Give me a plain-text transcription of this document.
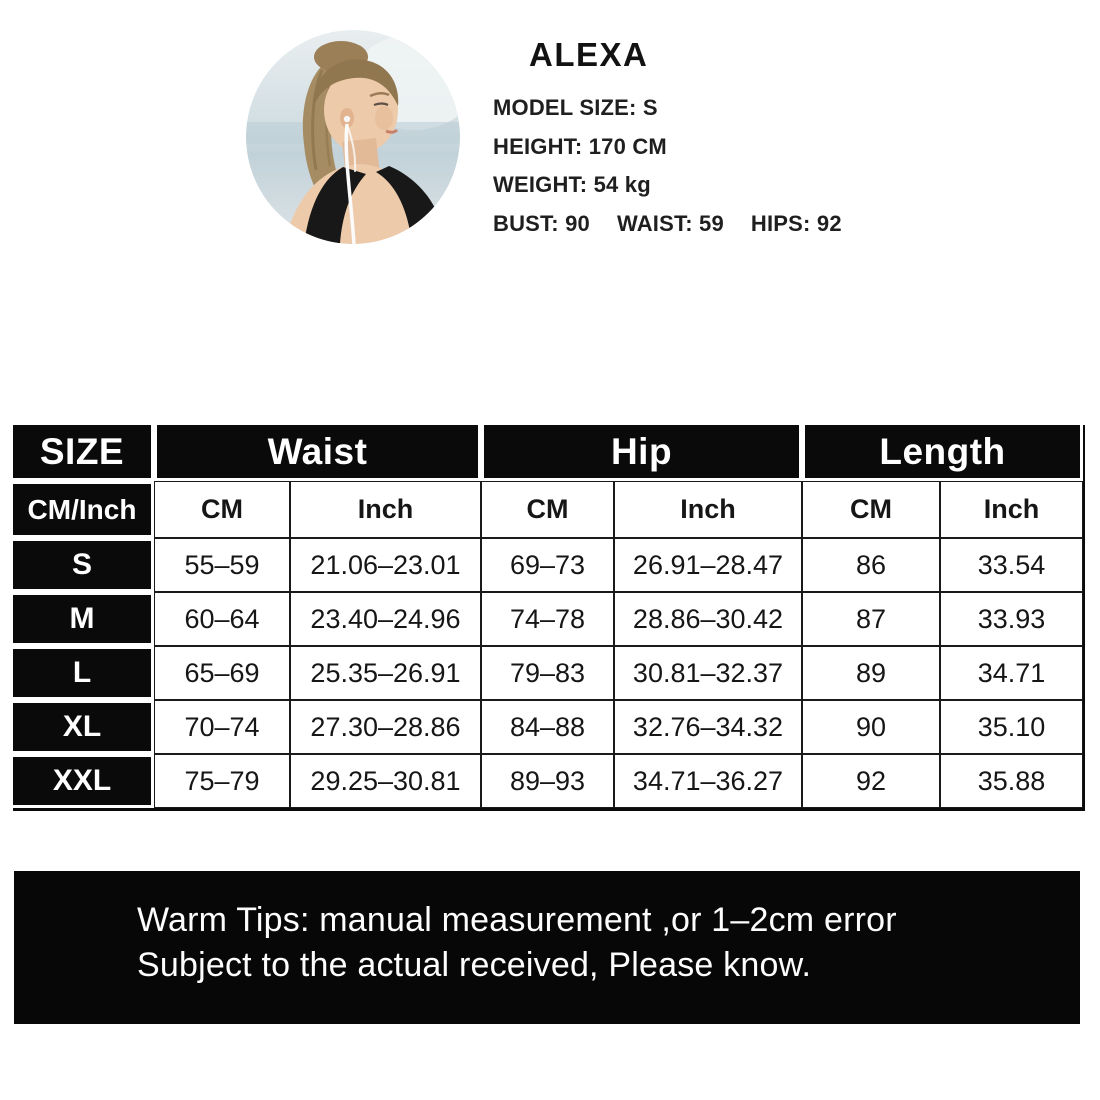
ALEXA
MODEL SIZE: S
HEIGHT: 170 CM
WEIGHT: 54 kg
BUST: 90 WAIST: 59 HIPS: 92
SIZE	Waist		Hip		Length	
CM/Inch	CM	Inch	CM	Inch	CM	Inch
S	55–59	21.06–23.01	69–73	26.91–28.47	86	33.54
M	60–64	23.40–24.96	74–78	28.86–30.42	87	33.93
L	65–69	25.35–26.91	79–83	30.81–32.37	89	34.71
XL	70–74	27.30–28.86	84–88	32.76–34.32	90	35.10
XXL	75–79	29.25–30.81	89–93	34.71–36.27	92	35.88
Warm Tips: manual measurement ,or 1–2cm error
Subject to the actual received, Please know.
